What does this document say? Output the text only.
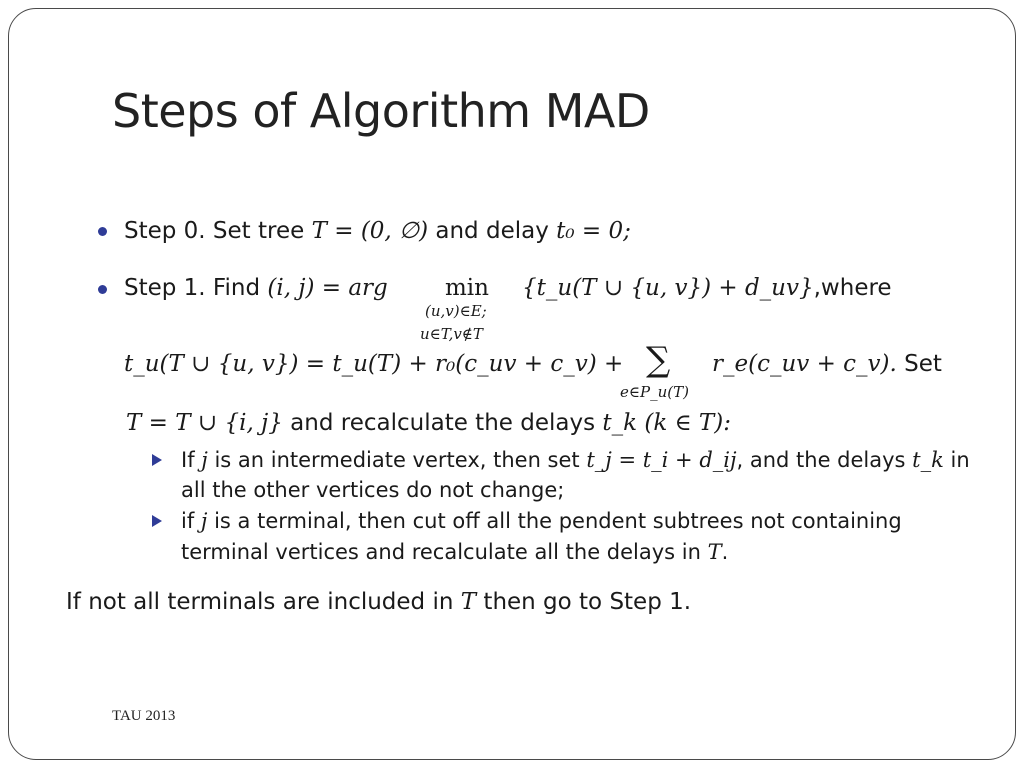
Steps of Algorithm MAD
Step 0. Set tree T = (0, ∅) and delay t₀ = 0;
Step 1. Find (i, j) = arg min
(u,v)∈E;
u∈T,v∉T
{t_u(T ∪ {u, v}) + d_uv},where
t_u(T ∪ {u, v}) = t_u(T) + r₀(c_uv + c_v) + ∑
e∈P_u(T)
r_e(c_uv + c_v). Set
T = T ∪ {i, j} and recalculate the delays t_k (k ∈ T):
If j is an intermediate vertex, then set t_j = t_i + d_ij, and the delays t_k in
all the other vertices do not change;
if j is a terminal, then cut off all the pendent subtrees not containing
terminal vertices and recalculate all the delays in T.
If not all terminals are included in T then go to Step 1.
TAU 2013
